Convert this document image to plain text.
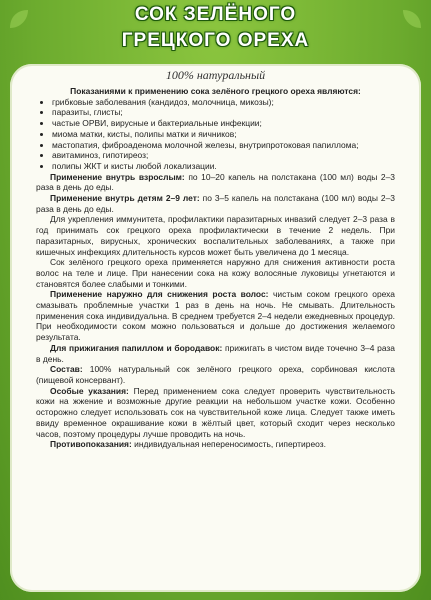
СОК ЗЕЛЁНОГО
ГРЕЦКОГО ОРЕХА
100% натуральный

Показаниями к применению сока зелёного грецкого ореха являются:

• грибковые заболевания (кандидоз, молочница, микозы);
• паразиты, глисты;
• частые ОРВИ, вирусные и бактериальные инфекции;
• миома матки, кисты, полипы матки и яичников;
• мастопатия, фиброаденома молочной железы, внутрипротоковая папиллома;
• авитаминоз, гипотиреоз;
• полипы ЖКТ и кисты любой локализации.

Применение внутрь взрослым: по 10–20 капель на полстакана (100 мл) воды 2–3 раза в день до еды.

Применение внутрь детям 2–9 лет: по 3–5 капель на полстакана (100 мл) воды 2–3 раза в день до еды.

Для укрепления иммунитета, профилактики паразитарных инвазий следует 2–3 раза в год принимать сок грецкого ореха профилактически в течение 2 недель. При паразитарных, вирусных, хронических воспалительных заболеваниях, а также при кишечных инфекциях длительность курсов может быть увеличена до 1 месяца.

Сок зелёного грецкого ореха применяется наружно для снижения активности роста волос на теле и лице. При нанесении сока на кожу волосяные луковицы угнетаются и становятся более слабыми и тонкими.

Применение наружно для снижения роста волос: чистым соком грецкого ореха смазывать проблемные участки 1 раз в день на ночь. Не смывать. Длительность применения сока индивидуальна. В среднем требуется 2–4 недели ежедневных процедур. При необходимости соком можно пользоваться и дольше до достижения желаемого результата.

Для прижигания папиллом и бородавок: прижигать в чистом виде точечно 3–4 раза в день.

Состав: 100% натуральный сок зелёного грецкого ореха, сорбиновая кислота (пищевой консервант).

Особые указания: Перед применением сока следует проверить чувствительность кожи на жжение и возможные другие реакции на небольшом участке кожи. Особенно осторожно следует использовать сок на чувствительной коже лица. Следует также иметь ввиду временное окрашивание кожи в жёлтый цвет, который сходит через несколько часов, поэтому процедуры лучше проводить на ночь.

Противопоказания: индивидуальная непереносимость, гипертиреоз.
